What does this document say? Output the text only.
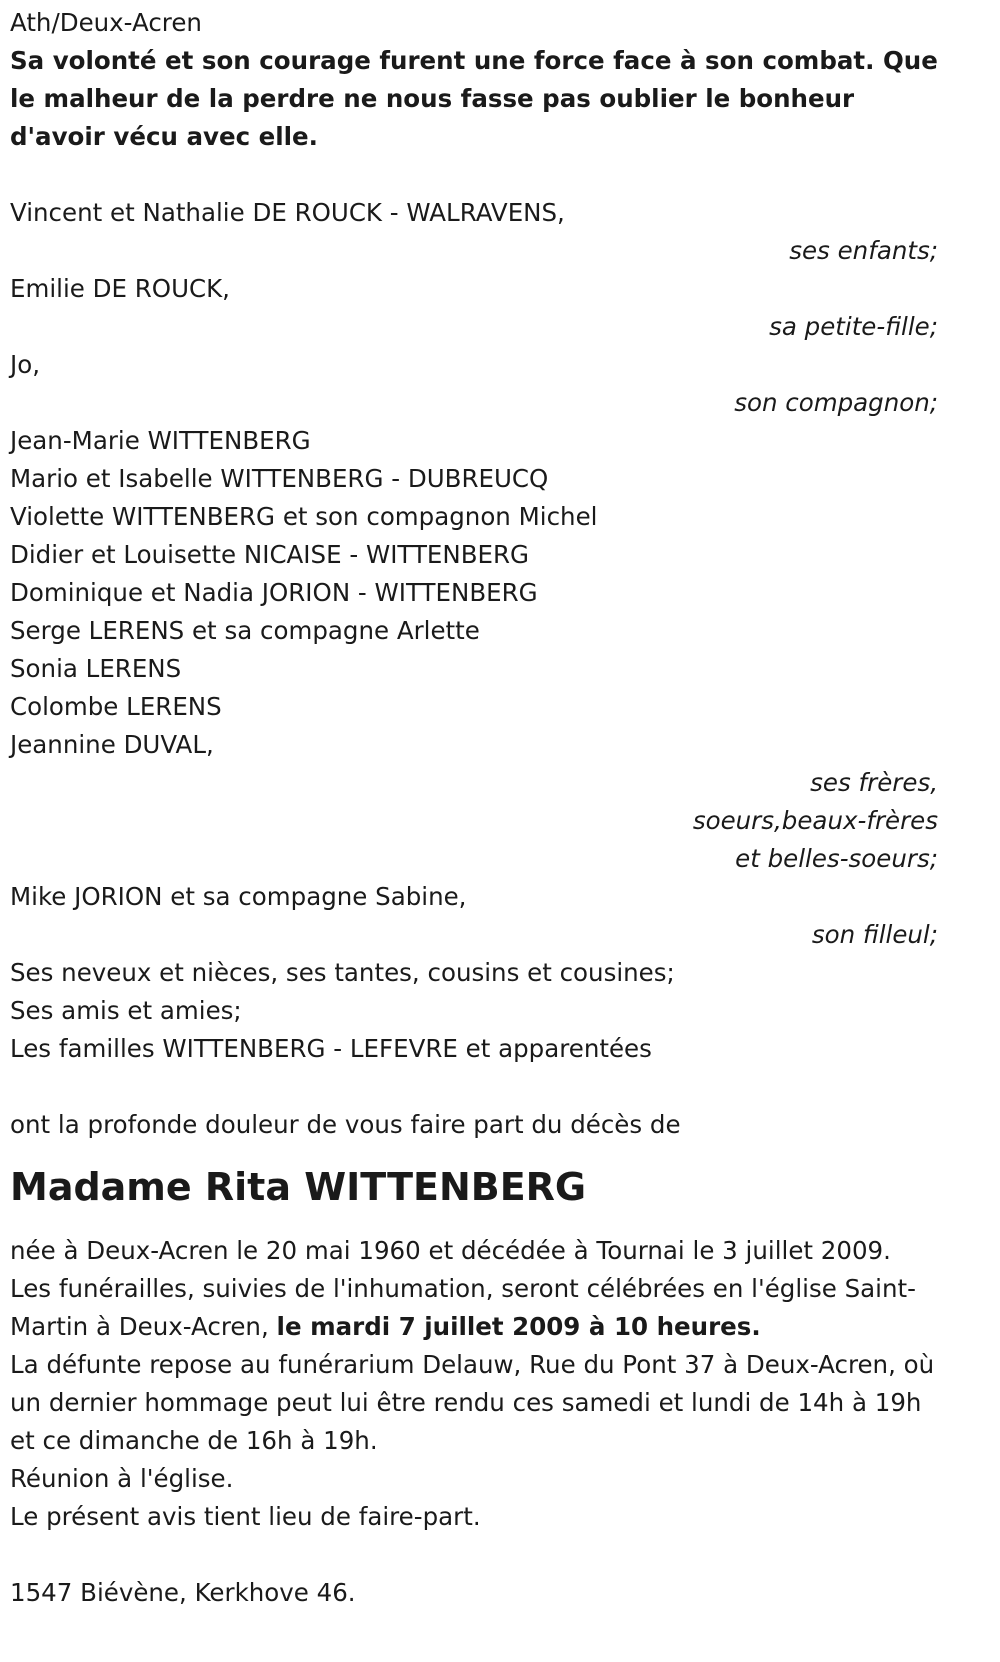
Ath/Deux-Acren

Sa volonté et son courage furent une force face à son combat. Que le malheur de la perdre ne nous fasse pas oublier le bonheur d'avoir vécu avec elle.

Vincent et Nathalie DE ROUCK - WALRAVENS,

ses enfants;

Emilie DE ROUCK,

sa petite-fille;

Jo,

son compagnon;

Jean-Marie WITTENBERG

Mario et Isabelle WITTENBERG - DUBREUCQ

Violette WITTENBERG et son compagnon Michel

Didier et Louisette NICAISE - WITTENBERG

Dominique et Nadia JORION - WITTENBERG

Serge LERENS et sa compagne Arlette

Sonia LERENS

Colombe LERENS

Jeannine DUVAL,

ses frères,

soeurs,beaux-frères

et belles-soeurs;

Mike JORION et sa compagne Sabine,

son filleul;

Ses neveux et nièces, ses tantes, cousins et cousines;

Ses amis et amies;

Les familles WITTENBERG - LEFEVRE et apparentées

ont la profonde douleur de vous faire part du décès de

Madame Rita WITTENBERG

née à Deux-Acren le 20 mai 1960 et décédée à Tournai le 3 juillet 2009.

Les funérailles, suivies de l'inhumation, seront célébrées en l'église Saint-Martin à Deux-Acren, le mardi 7 juillet 2009 à 10 heures.

La défunte repose au funérarium Delauw, Rue du Pont 37 à Deux-Acren, où un dernier hommage peut lui être rendu ces samedi et lundi de 14h à 19h et ce dimanche de 16h à 19h.

Réunion à l'église.

Le présent avis tient lieu de faire-part.

1547 Biévène, Kerkhove 46.
